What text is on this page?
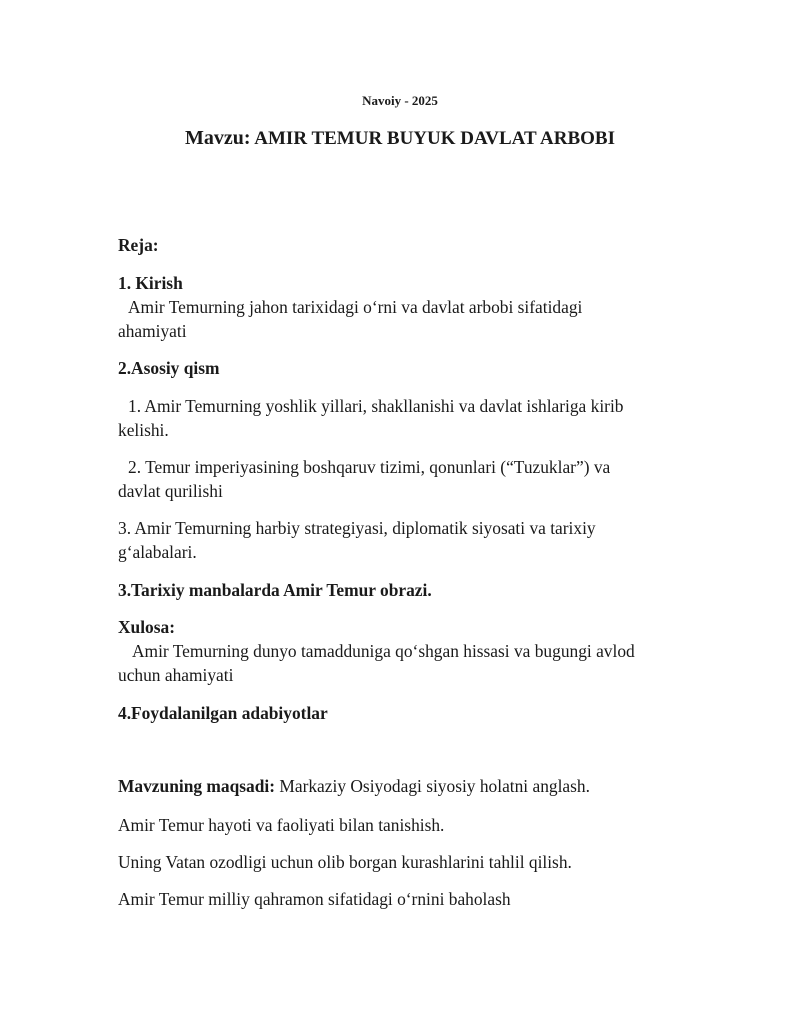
Navoiy - 2025
Mavzu: AMIR TEMUR BUYUK DAVLAT ARBOBI
Reja:
1. Kirish
Amir Temurning jahon tarixidagi o‘rni va davlat arbobi sifatidagi
ahamiyati
2.Asosiy qism
1. Amir Temurning yoshlik yillari, shakllanishi va davlat ishlariga kirib
kelishi.
2. Temur imperiyasining boshqaruv tizimi, qonunlari (“Tuzuklar”) va
davlat qurilishi
3. Amir Temurning harbiy strategiyasi, diplomatik siyosati va tarixiy
g‘alabalari.
3.Tarixiy manbalarda Amir Temur obrazi.
Xulosa:
Amir Temurning dunyo tamadduniga qo‘shgan hissasi va bugungi avlod
uchun ahamiyati
4.Foydalanilgan adabiyotlar
Mavzuning maqsadi: Markaziy Osiyodagi siyosiy holatni anglash.
Amir Temur hayoti va faoliyati bilan tanishish.
Uning Vatan ozodligi uchun olib borgan kurashlarini tahlil qilish.
Amir Temur milliy qahramon sifatidagi o‘rnini baholash
